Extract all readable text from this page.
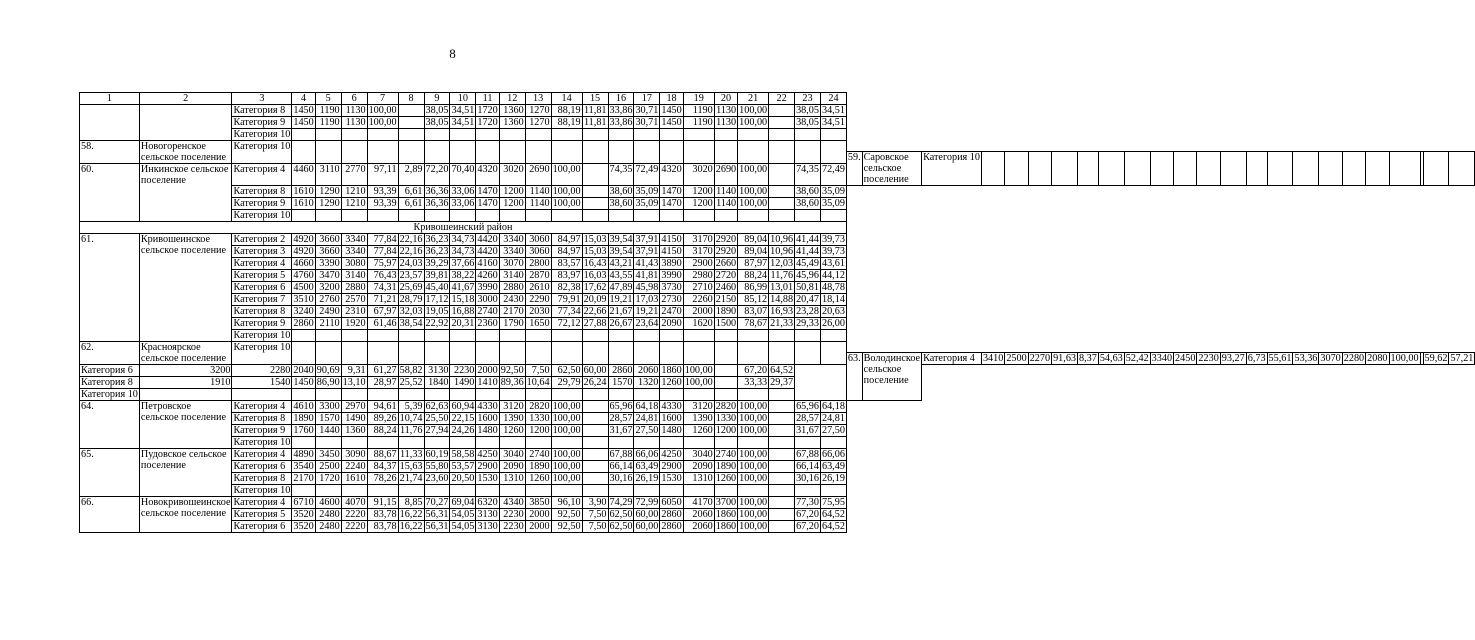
8
1	2	3	4	5	6	7	8	9	10	11	12	13	14	15	16	17	18	19	20	21	22	23	24																								
		Категория 8	1450	1190	1130	100,00		38,05	34,51	1720	1360	1270	88,19	11,81	33,86	30,71	1450	1190	1130	100,00		38,05	34,51																								
		Категория 9	1450	1190	1130	100,00		38,05	34,51	1720	1360	1270	88,19	11,81	33,86	30,71	1450	1190	1130	100,00		38,05	34,51																								
		Категория 10																																													
58.	Новогоренское сельское поселение	Категория 10																																													
																								59.	Саровское сельское поселение	Категория 10																					
60.	Инкинское сельское поселение	Категория 4	4460	3110	2770	97,11	2,89	72,20	70,40	4320	3020	2690	100,00		74,35	72,49	4320	3020	2690	100,00		74,35	72,49																								
		Категория 8	1610	1290	1210	93,39	6,61	36,36	33,06	1470	1200	1140	100,00		38,60	35,09	1470	1200	1140	100,00		38,60	35,09																								
		Категория 9	1610	1290	1210	93,39	6,61	36,36	33,06	1470	1200	1140	100,00		38,60	35,09	1470	1200	1140	100,00		38,60	35,09																								
		Категория 10																																													
Кривошеинский район																																															
61.	Кривошеинское сельское поселение	Категория 2	4920	3660	3340	77,84	22,16	36,23	34,73	4420	3340	3060	84,97	15,03	39,54	37,91	4150	3170	2920	89,04	10,96	41,44	39,73																								
		Категория 3	4920	3660	3340	77,84	22,16	36,23	34,73	4420	3340	3060	84,97	15,03	39,54	37,91	4150	3170	2920	89,04	10,96	41,44	39,73																								
		Категория 4	4660	3390	3080	75,97	24,03	39,29	37,66	4160	3070	2800	83,57	16,43	43,21	41,43	3890	2900	2660	87,97	12,03	45,49	43,61																								
		Категория 5	4760	3470	3140	76,43	23,57	39,81	38,22	4260	3140	2870	83,97	16,03	43,55	41,81	3990	2980	2720	88,24	11,76	45,96	44,12																								
		Категория 6	4500	3200	2880	74,31	25,69	45,40	41,67	3990	2880	2610	82,38	17,62	47,89	45,98	3730	2710	2460	86,99	13,01	50,81	48,78																								
		Категория 7	3510	2760	2570	71,21	28,79	17,12	15,18	3000	2430	2290	79,91	20,09	19,21	17,03	2730	2260	2150	85,12	14,88	20,47	18,14																								
		Категория 8	3240	2490	2310	67,97	32,03	19,05	16,88	2740	2170	2030	77,34	22,66	21,67	19,21	2470	2000	1890	83,07	16,93	23,28	20,63																								
		Категория 9	2860	2110	1920	61,46	38,54	22,92	20,31	2360	1790	1650	72,12	27,88	26,67	23,64	2090	1620	1500	78,67	21,33	29,33	26,00																								
		Категория 10																																													
62.	Красноярское сельское поселение	Категория 10																																													
																								63.	Володинское сельское поселение	Категория 4	3410	2500	2270	91,63	8,37	54,63	52,42	3340	2450	2230	93,27	6,73	55,61	53,36	3070	2280	2080	100,00		59,62	57,21
Категория 6	3200	2280	2040	90,69	9,31	61,27	58,82	3130	2230	2000	92,50	7,50	62,50	60,00	2860	2060	1860	100,00		67,20	64,52																										
Категория 8	1910	1540	1450	86,90	13,10	28,97	25,52	1840	1490	1410	89,36	10,64	29,79	26,24	1570	1320	1260	100,00		33,33	29,37																										
Категория 10																																															
64.	Петровское сельское поселение	Категория 4	4610	3300	2970	94,61	5,39	62,63	60,94	4330	3120	2820	100,00		65,96	64,18	4330	3120	2820	100,00		65,96	64,18																								
		Категория 8	1890	1570	1490	89,26	10,74	25,50	22,15	1600	1390	1330	100,00		28,57	24,81	1600	1390	1330	100,00		28,57	24,81																								
		Категория 9	1760	1440	1360	88,24	11,76	27,94	24,26	1480	1260	1200	100,00		31,67	27,50	1480	1260	1200	100,00		31,67	27,50																								
		Категория 10																																													
65.	Пудовское сельское поселение	Категория 4	4890	3450	3090	88,67	11,33	60,19	58,58	4250	3040	2740	100,00		67,88	66,06	4250	3040	2740	100,00		67,88	66,06																								
		Категория 6	3540	2500	2240	84,37	15,63	55,80	53,57	2900	2090	1890	100,00		66,14	63,49	2900	2090	1890	100,00		66,14	63,49																								
		Категория 8	2170	1720	1610	78,26	21,74	23,60	20,50	1530	1310	1260	100,00		30,16	26,19	1530	1310	1260	100,00		30,16	26,19																								
		Категория 10																																													
66.	Новокривошеинское сельское поселение	Категория 4	6710	4600	4070	91,15	8,85	70,27	69,04	6320	4340	3850	96,10	3,90	74,29	72,99	6050	4170	3700	100,00		77,30	75,95																								
		Категория 5	3520	2480	2220	83,78	16,22	56,31	54,05	3130	2230	2000	92,50	7,50	62,50	60,00	2860	2060	1860	100,00		67,20	64,52																								
		Категория 6	3520	2480	2220	83,78	16,22	56,31	54,05	3130	2230	2000	92,50	7,50	62,50	60,00	2860	2060	1860	100,00		67,20	64,52																								
